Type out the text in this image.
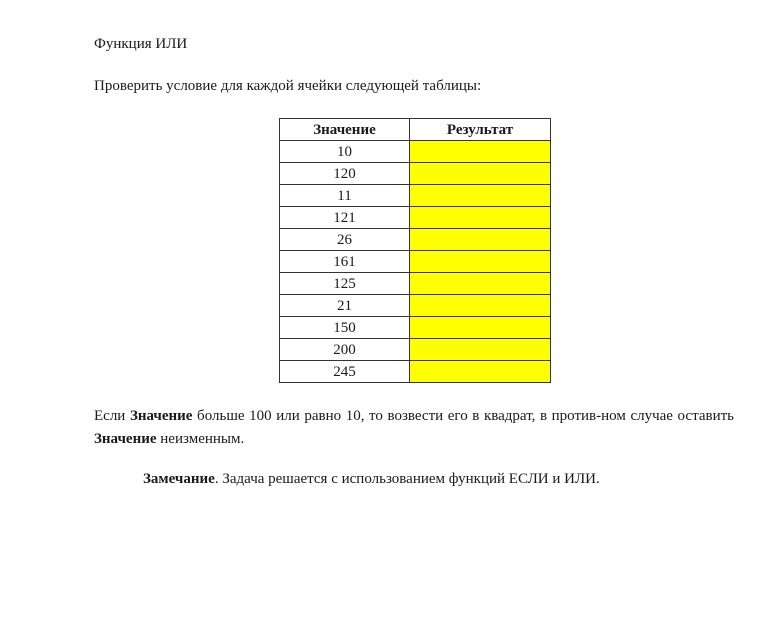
Функция ИЛИ
Проверить условие для каждой ячейки следующей таблицы:
Значение	Результат
10	
120	
11	
121	
26	
161	
125	
21	
150	
200	
245	
Если Значение больше 100 или равно 10, то возвести его в квадрат, в против-ном случае оставить Значение неизменным.
Замечание. Задача решается с использованием функций ЕСЛИ и ИЛИ.
